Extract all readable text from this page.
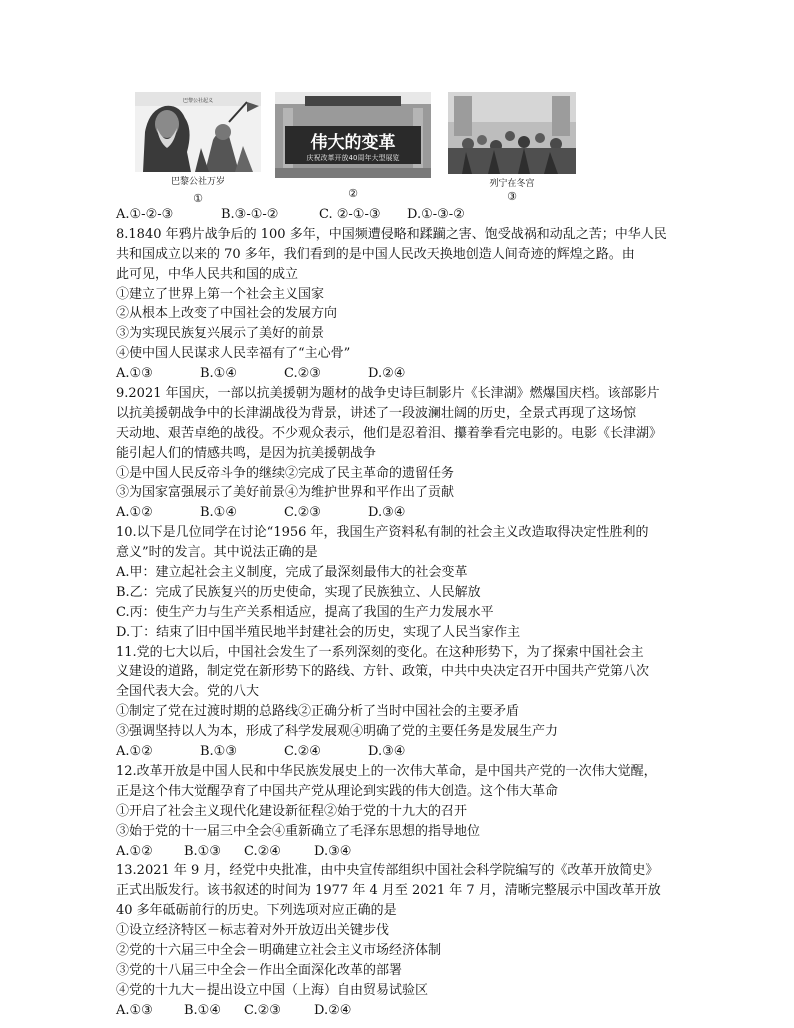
巴黎公社起义
巴黎公社万岁
①
伟大的变革
庆祝改革开放40周年大型展览
②
列宁在冬宫
③
A.①-②-③	B.③-①-②	C. ②-①-③ D.①-③-②
8.1840 年鸦片战争后的 100 多年，中国频遭侵略和蹂躏之害、饱受战祸和动乱之苦；中华人民
共和国成立以来的 70 多年，我们看到的是中国人民改天换地创造人间奇迹的辉煌之路。由
此可见，中华人民共和国的成立
①建立了世界上第一个社会主义国家
②从根本上改变了中国社会的发展方向
③为实现民族复兴展示了美好的前景
④使中国人民谋求人民幸福有了“主心骨”
A.①③	B.①④	C.②③	D.②④
9.2021 年国庆，一部以抗美援朝为题材的战争史诗巨制影片《长津湖》燃爆国庆档。该部影片
以抗美援朝战争中的长津湖战役为背景，讲述了一段波澜壮阔的历史，全景式再现了这场惊
天动地、艰苦卓绝的战役。不少观众表示，他们是忍着泪、攥着拳看完电影的。电影《长津湖》
能引起人们的情感共鸣，是因为抗美援朝战争
①是中国人民反帝斗争的继续②完成了民主革命的遗留任务
③为国家富强展示了美好前景④为维护世界和平作出了贡献
A.①②	B.①④	C.②③	D.③④
10.以下是几位同学在讨论“1956 年，我国生产资料私有制的社会主义改造取得决定性胜利的
意义”时的发言。其中说法正确的是
A.甲：建立起社会主义制度，完成了最深刻最伟大的社会变革
B.乙：完成了民族复兴的历史使命，实现了民族独立、人民解放
C.丙：使生产力与生产关系相适应，提高了我国的生产力发展水平
D.丁：结束了旧中国半殖民地半封建社会的历史，实现了人民当家作主
11.党的七大以后，中国社会发生了一系列深刻的变化。在这种形势下，为了探索中国社会主
义建设的道路，制定党在新形势下的路线、方针、政策，中共中央决定召开中国共产党第八次
全国代表大会。党的八大
①制定了党在过渡时期的总路线②正确分析了当时中国社会的主要矛盾
③强调坚持以人为本，形成了科学发展观④明确了党的主要任务是发展生产力
A.①②	B.①③	C.②④	D.③④
12.改革开放是中国人民和中华民族发展史上的一次伟大革命，是中国共产党的一次伟大觉醒，
正是这个伟大觉醒孕育了中国共产党从理论到实践的伟大创造。这个伟大革命
①开启了社会主义现代化建设新征程②始于党的十九大的召开
③始于党的十一届三中全会④重新确立了毛泽东思想的指导地位
A.①② B.①③ C.②④	D.③④
13.2021 年 9 月，经党中央批准，由中央宣传部组织中国社会科学院编写的《改革开放简史》
正式出版发行。该书叙述的时间为 1977 年 4 月至 2021 年 7 月，清晰完整展示中国改革开放
40 多年砥砺前行的历史。下列选项对应正确的是
①设立经济特区－标志着对外开放迈出关键步伐
②党的十六届三中全会－明确建立社会主义市场经济体制
③党的十八届三中全会－作出全面深化改革的部署
④党的十九大－提出设立中国（上海）自由贸易试验区
A.①③ B.①④ C.②③	D.②④
